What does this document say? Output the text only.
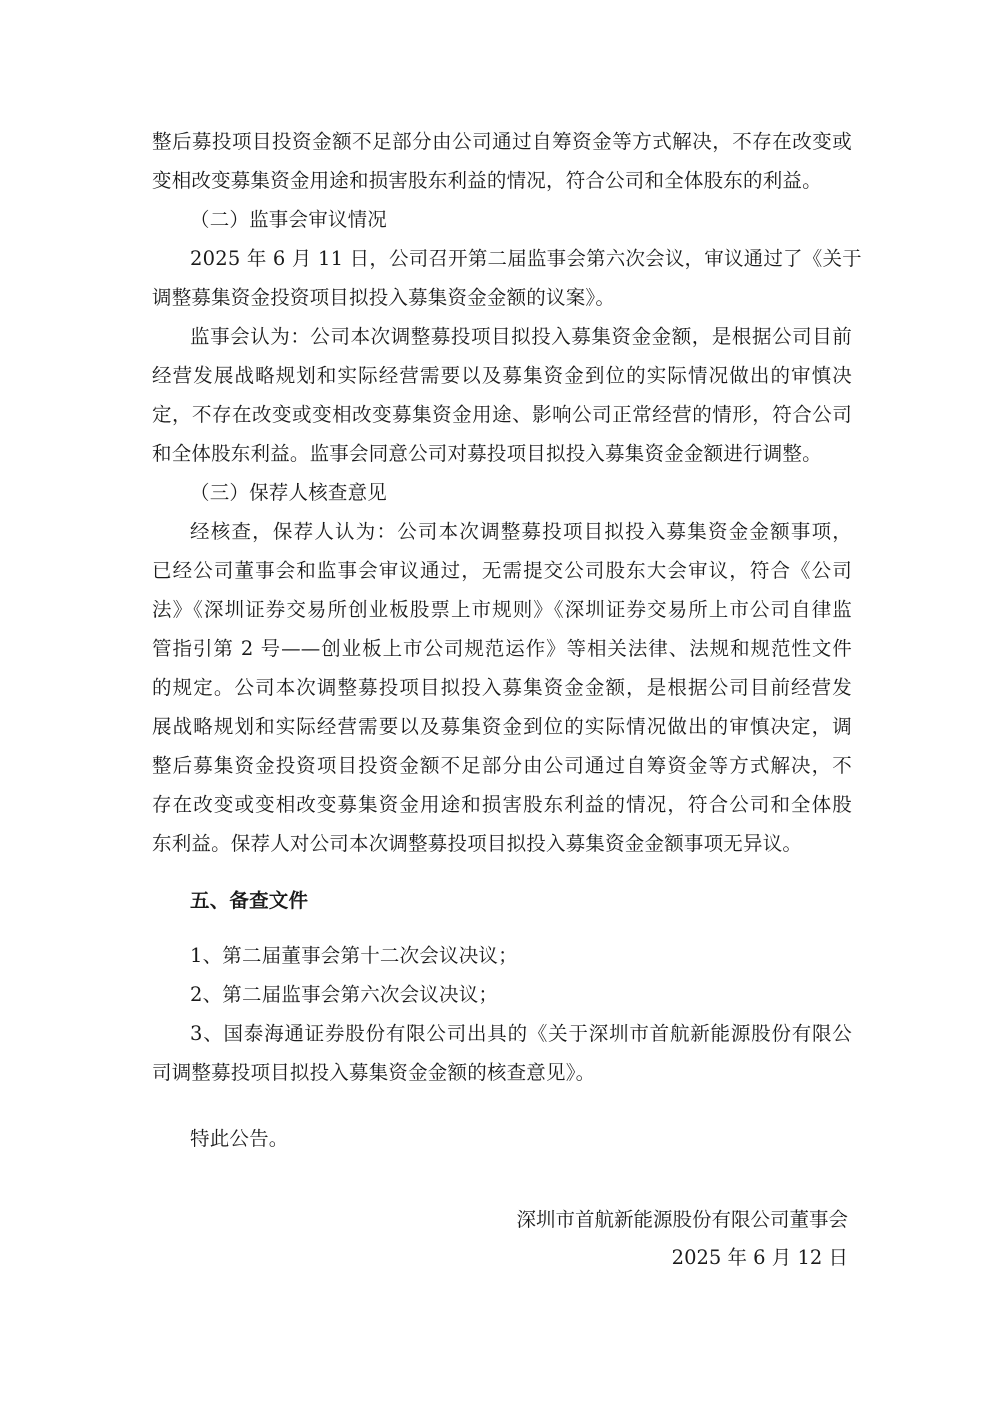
整后募投项目投资金额不足部分由公司通过自筹资金等方式解决，不存在改变或
变相改变募集资金用途和损害股东利益的情况，符合公司和全体股东的利益。
（二）监事会审议情况
2025 年 6 月 11 日，公司召开第二届监事会第六次会议，审议通过了《关于
调整募集资金投资项目拟投入募集资金金额的议案》。
监事会认为：公司本次调整募投项目拟投入募集资金金额，是根据公司目前
经营发展战略规划和实际经营需要以及募集资金到位的实际情况做出的审慎决
定，不存在改变或变相改变募集资金用途、影响公司正常经营的情形，符合公司
和全体股东利益。监事会同意公司对募投项目拟投入募集资金金额进行调整。
（三）保荐人核查意见
经核查，保荐人认为：公司本次调整募投项目拟投入募集资金金额事项，
已经公司董事会和监事会审议通过，无需提交公司股东大会审议，符合《公司
法》《深圳证券交易所创业板股票上市规则》《深圳证券交易所上市公司自律监
管指引第 2 号——创业板上市公司规范运作》等相关法律、法规和规范性文件
的规定。公司本次调整募投项目拟投入募集资金金额，是根据公司目前经营发
展战略规划和实际经营需要以及募集资金到位的实际情况做出的审慎决定，调
整后募集资金投资项目投资金额不足部分由公司通过自筹资金等方式解决，不
存在改变或变相改变募集资金用途和损害股东利益的情况，符合公司和全体股
东利益。保荐人对公司本次调整募投项目拟投入募集资金金额事项无异议。
五、备查文件
1、第二届董事会第十二次会议决议；
2、第二届监事会第六次会议决议；
3、国泰海通证券股份有限公司出具的《关于深圳市首航新能源股份有限公
司调整募投项目拟投入募集资金金额的核查意见》。
特此公告。
深圳市首航新能源股份有限公司董事会
2025 年 6 月 12 日
